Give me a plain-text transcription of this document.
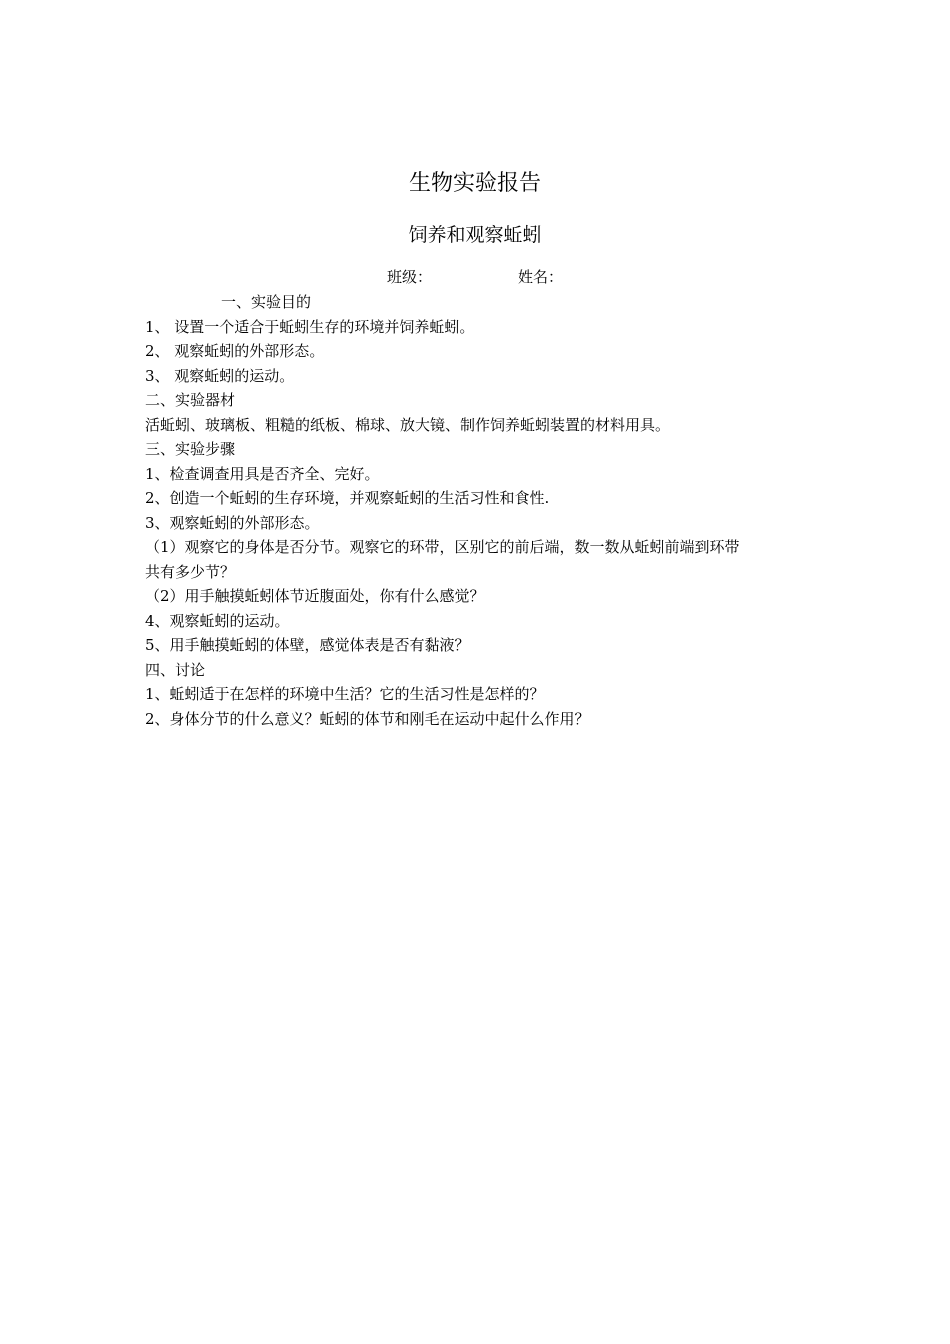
生物实验报告
饲养和观察蚯蚓
班级：	姓名：

一、实验目的

1、 设置一个适合于蚯蚓生存的环境并饲养蚯蚓。

2、 观察蚯蚓的外部形态。

3、 观察蚯蚓的运动。

二、实验器材

活蚯蚓、玻璃板、粗糙的纸板、棉球、放大镜、制作饲养蚯蚓装置的材料用具。

三、实验步骤

1、检查调查用具是否齐全、完好。

2、创造一个蚯蚓的生存环境，并观察蚯蚓的生活习性和食性.

3、观察蚯蚓的外部形态。

（1）观察它的身体是否分节。观察它的环带，区别它的前后端，数一数从蚯蚓前端到环带

共有多少节？

（2）用手触摸蚯蚓体节近腹面处，你有什么感觉？

4、观察蚯蚓的运动。

5、用手触摸蚯蚓的体壁，感觉体表是否有黏液？

四、讨论

1、蚯蚓适于在怎样的环境中生活？它的生活习性是怎样的？

2、身体分节的什么意义？蚯蚓的体节和刚毛在运动中起什么作用？
